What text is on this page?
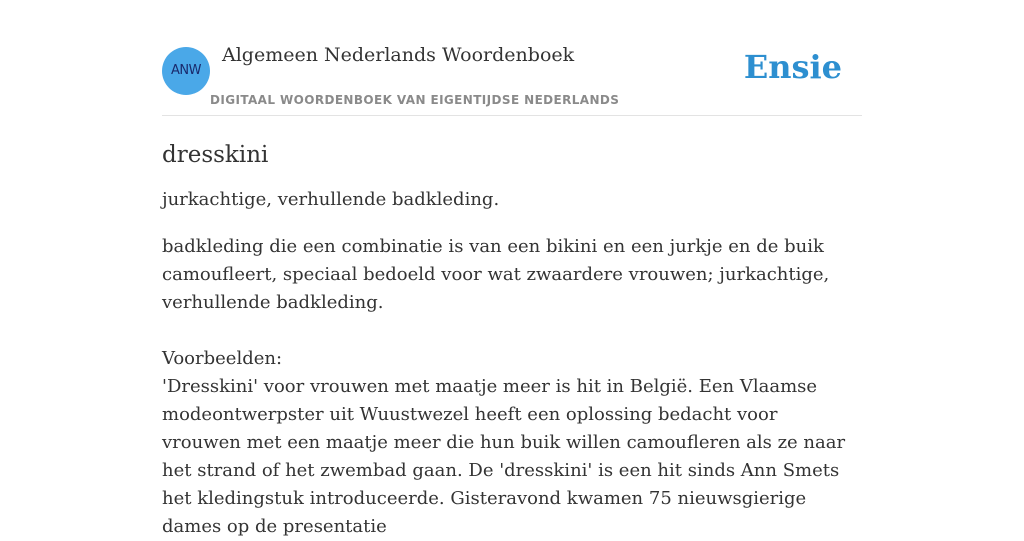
ANW
Algemeen Nederlands Woordenboek
DIGITAAL WOORDENBOEK VAN EIGENTIJDSE NEDERLANDS
Ensie
dresskini

jurkachtige, verhullende badkleding.

badkleding die een combinatie is van een bikini en een jurkje en de buik camoufleert, speciaal bedoeld voor wat zwaardere vrouwen; jurkachtige, verhullende badkleding.

Voorbeelden:

'Dresskini' voor vrouwen met maatje meer is hit in België. Een Vlaamse modeontwerpster uit Wuustwezel heeft een oplossing bedacht voor vrouwen met een maatje meer die hun buik willen camoufleren als ze naar het strand of het zwembad gaan. De 'dresskini' is een hit sinds Ann Smets het kledingstuk introduceerde. Gisteravond kwamen 75 nieuwsgierige dames op de presentatie
